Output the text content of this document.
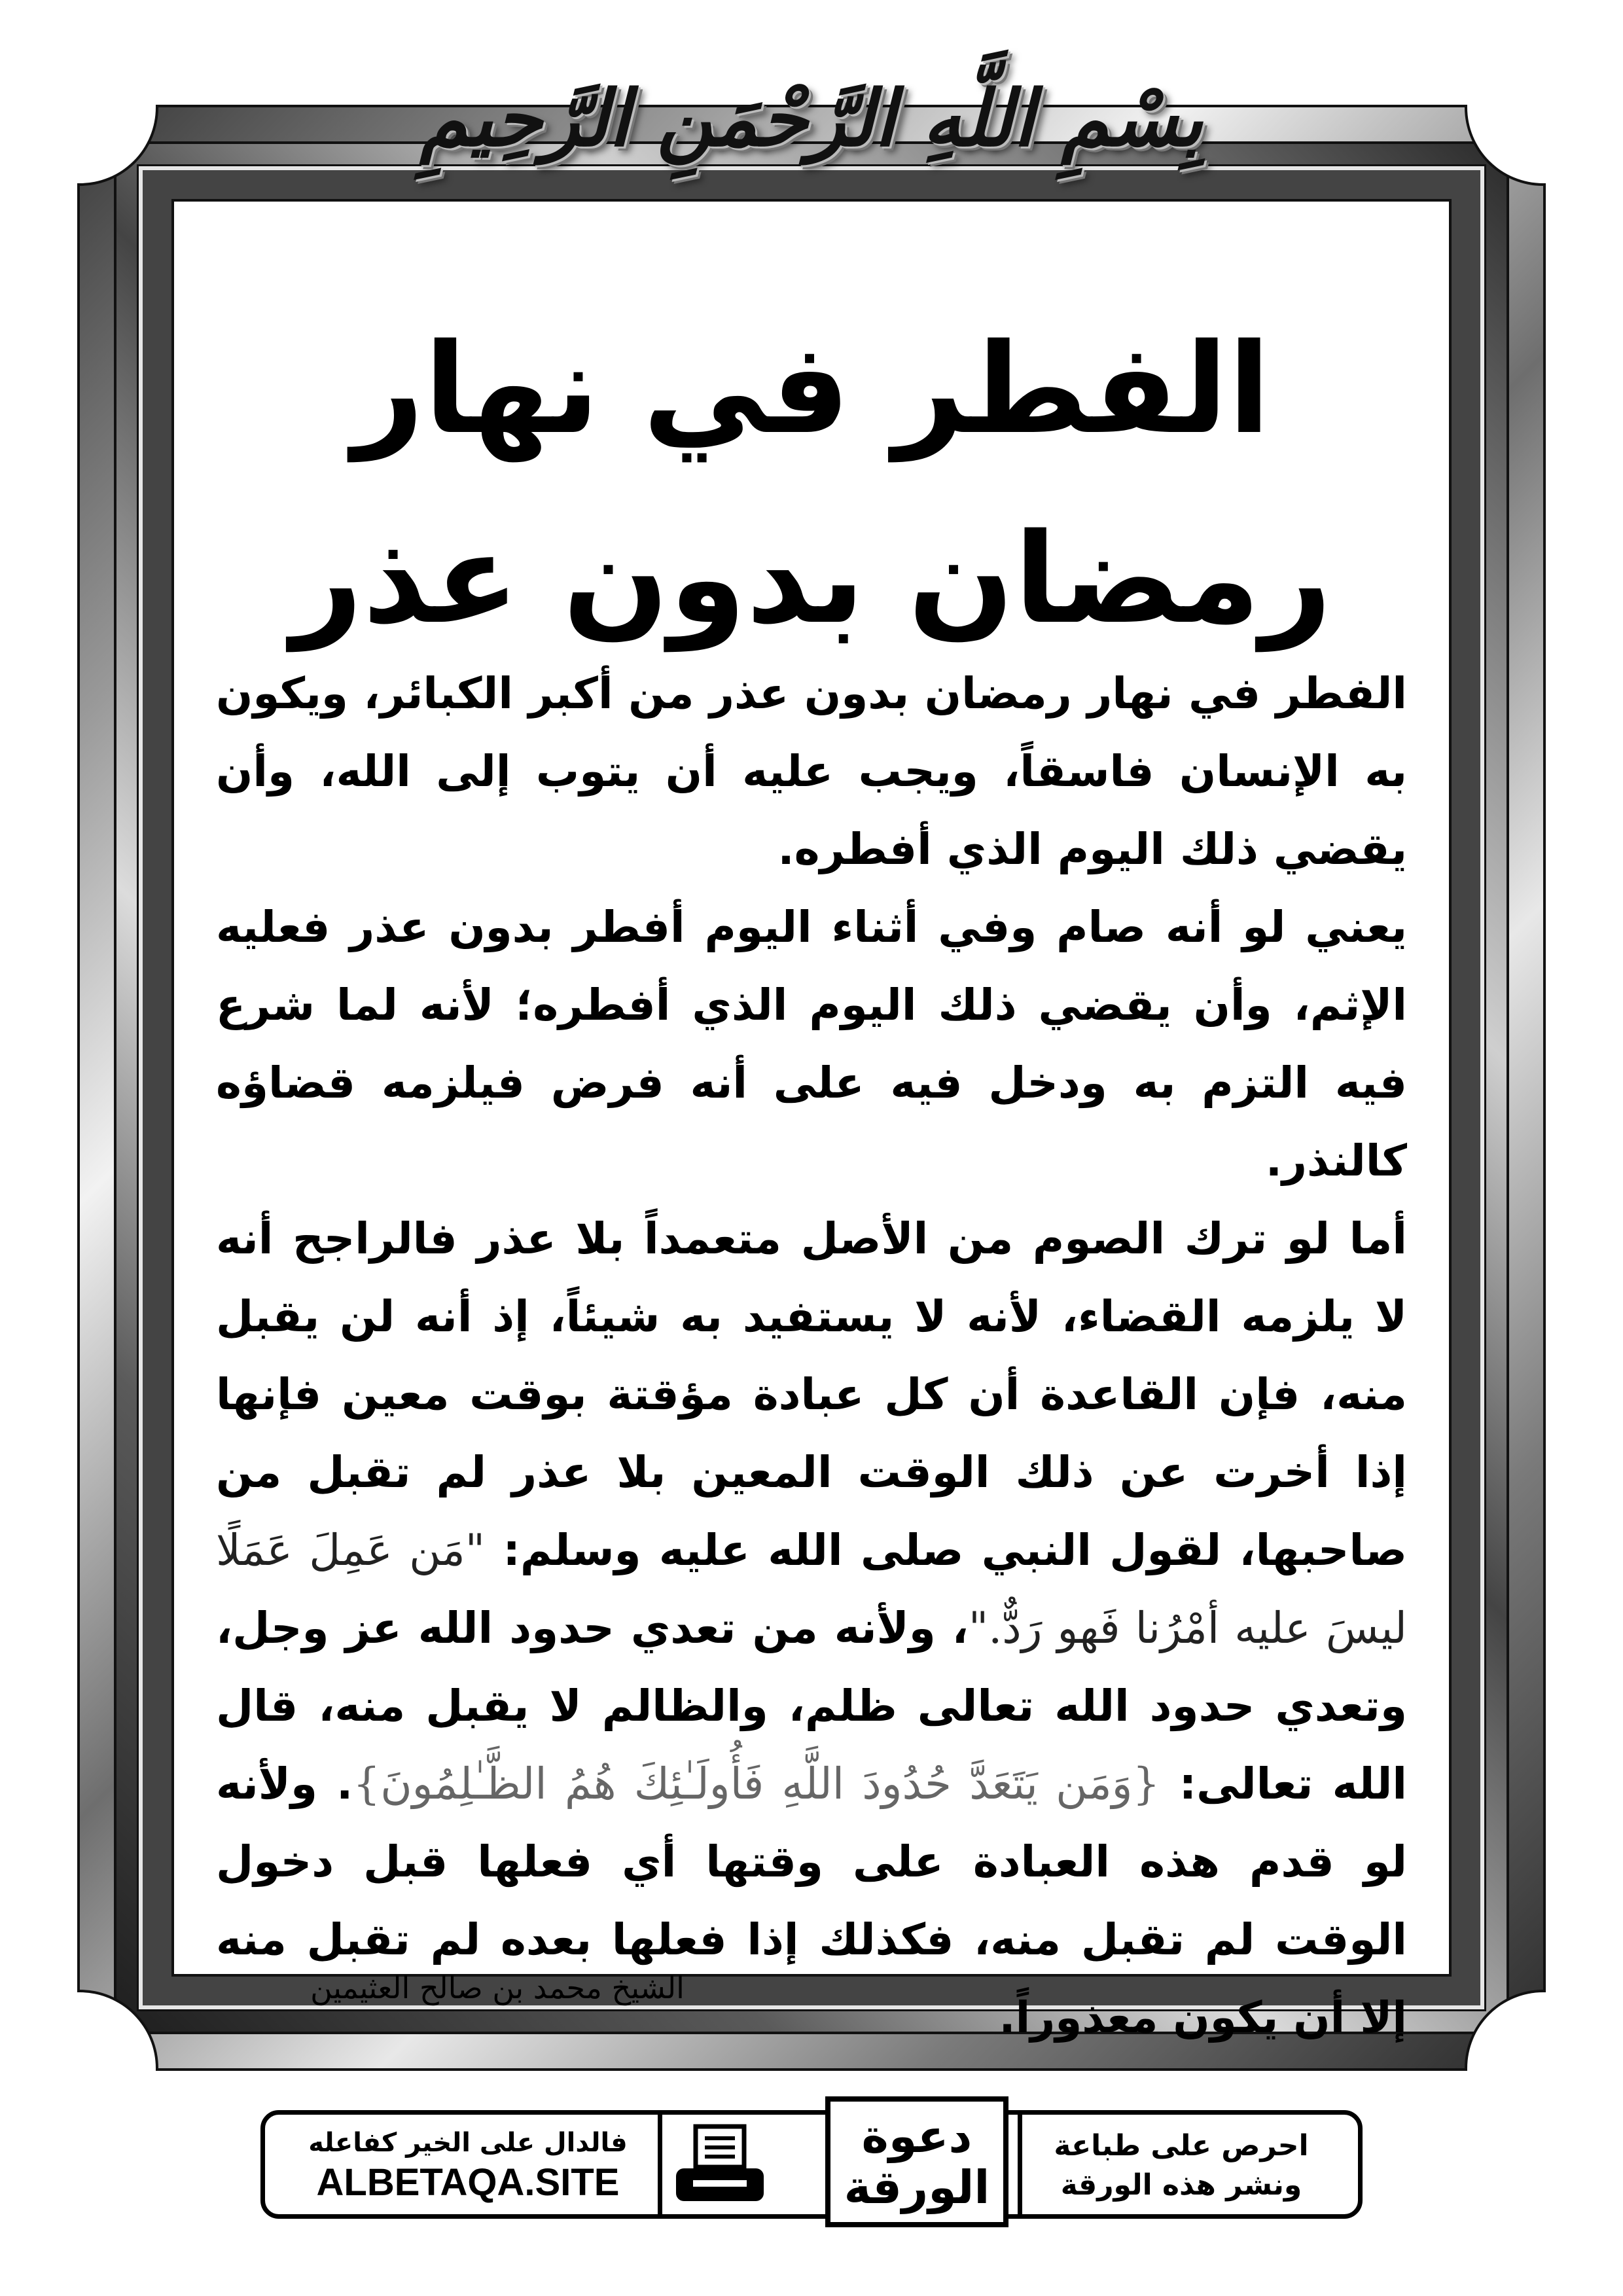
بِسْمِ اللَّهِ الرَّحْمَنِ الرَّحِيمِ
الفطر في نهار
رمضان بدون عذر

الفطر في نهار رمضان بدون عذر من أكبر الكبائر، ويكون به الإنسان فاسقاً، ويجب عليه أن يتوب إلى الله، وأن يقضي ذلك اليوم الذي أفطره.

يعني لو أنه صام وفي أثناء اليوم أفطر بدون عذر فعليه الإثم، وأن يقضي ذلك اليوم الذي أفطره؛ لأنه لما شرع فيه التزم به ودخل فيه على أنه فرض فيلزمه قضاؤه كالنذر.

أما لو ترك الصوم من الأصل متعمداً بلا عذر فالراجح أنه لا يلزمه القضاء، لأنه لا يستفيد به شيئاً، إذ أنه لن يقبل منه، فإن القاعدة أن كل عبادة مؤقتة بوقت معين فإنها إذا أخرت عن ذلك الوقت المعين بلا عذر لم تقبل من صاحبها، لقول النبي صلى الله عليه وسلم: "مَن عَمِلَ عَمَلًا ليسَ عليه أمْرُنا فَهو رَدٌّ."، ولأنه من تعدي حدود الله عز وجل، وتعدي حدود الله تعالى ظلم، والظالم لا يقبل منه، قال الله تعالى: {وَمَن يَتَعَدَّ حُدُودَ اللَّهِ فَأُولَـٰئِكَ هُمُ الظَّـٰلِمُونَ}. ولأنه لو قدم هذه العبادة على وقتها أي فعلها قبل دخول الوقت لم تقبل منه، فكذلك إذا فعلها بعده لم تقبل منه إلا أن يكون معذوراً.

الشيخ محمد بن صالح العثيمين
فالدال على الخير كفاعله
ALBETAQA.SITE
دعوة
الورقة
احرص على طباعة
ونشر هذه الورقة
